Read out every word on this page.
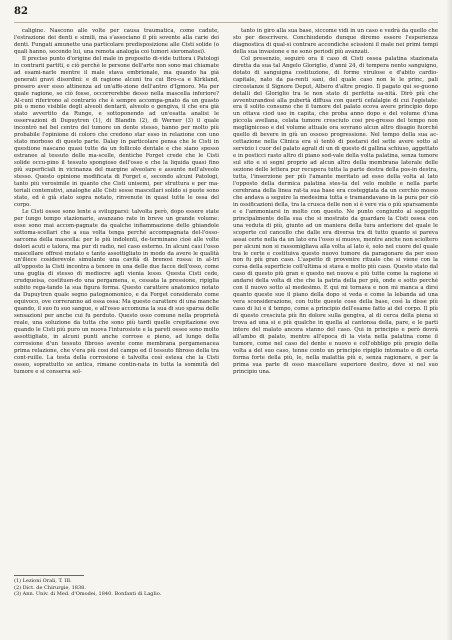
82

caligine. Nascono alle volte per causa traumatica, come cadute, l'estrazione dei denti e simili, ma s'associano il più sovente alla carie dei denti. Fungati amunette una particolare predisposizione alle Cisti solide (o quali hanno, secondo lui, una remota analogia coi tumori sieromatosi).

Il preciso punto d'origine del male in proposito di-vide tuttora i Patologi in contrarii partiti, e ciò perchè le persone dell'arte non sono mai chiamate ad esami-narle mentre il male stava embrionale, ma quando ha già generati gravi disordini: e di ragione alcuni tra cui Bro-ca e Kirkland, presero aver esso attinenza ad un'affe-zione dell'antro d'Igmoro. Ma per quale ragione, se ciò fosse, occorrerebbe desso nella mascella inferiore? Al-cuni riferirono al contrario che è sempre accompa-gnato da un guasto più o meno visibile degli alveoli dentarii, alveolo o gengiva, il che era già stato avvertito da Runge, e sottoponendo ad un'esatta analisi le osservazioni di Dupuytren (1), di Blandin (2), di Werner (3) il quale incontrò nel bel centro del tumore un dente stesso, hanno per molto più probabile l'opinione di coloro che credono star esso in relazione con uno stato morboso di questo parte. Dalay in particolare pensa che le Cisti in questione nascano quasi tutte da un follicolo dentale e che siano spesso estranee al tessuto delle ma-scelle, dentiche Forget crede che le Cisti solide occu-pino il tessuto spongioso dell'osso e che la liquida quasi fino più superficiali in vicinanza del margine alveolare e assunte nell'alveolo stesso. Questo opinione modificata di Forget e, secondo alcuni Patologi, tanto più verosimile in quanto che Cisti unisemi, per struttura e per ma-teriali contenutivi, analoghe alle Cisti sesse mascellari solido si puote sono state, ed è già stato sopra notato, rinvenute in quasi tutte le ossa del corpo.

Le Cisti ossee sono lente a svilupparsi: talvolta però, dopo essere state per lungo tempo stazionarie, avanzano rate in breve un grande volume: esse sono mai accom-pagnate da qualche infiammazione delle ghiandole sottoma-scellari che a sua volta tenga perché accompagnata del-l'osso-sarcoma della mascella: per le più indolenti, de-terminano cioè alle volte dolori acuti e talora, ma pur di radio, nel caso esterno. In alcuni casi l'osso mascellare offresi mutato e tanto assottigliato in modo da avere le qualità un'iliece cosiderevole simulante una cavità di brenosi rossa: in al-tri all'opposto la Cisti incontra a tenore in una delle due facce dell'osso, come una guglia di stesso di mediocre agli vienia lesso. Questa Cisti cede, crudqueisa, costituen-do una pergamena, e, cessata la pressione, ripiglia subito rega-tando la sua figura forma. Questo carattere anatomico notato da Dupuytren quale segno patognomonico, e da Forget considerato come equivoco, ove correranno ad essa ossa: Ma questo carattere di una manche quando, il suo fu suo sangue, e all'osso accomuna la sua di suo sparsa delle sensazioni per anche cui fu perduto. Questo osso comune nella proprietà reale, una soluzione da tutta che sono più tardi quelle crepitazione ove quando le Cisti più puro un nuova l'inturosiste e la pareti ossee sono molto assottigliate, in alcuni punti anche corrose e pieno, ad lungo della corrosione d'un tessuto fibroso avente come membrana pergamenacea prima relazione, che v'era più cosi del campo ed il tessuto fibroso della tra cont-ruille. La testa della corrosione è talvolta così estesa che la Cisti osseo, soprattutto se antica, rimane contin-nata in tutta la sommità del tumore e si conserva sol-

tanto in giro alla sua base, siccome vidi in un caso e vedrà da quello che sto per descrivere. Conchiudendo dunque diremo essere l'esperienza diagnostica di qual-si contrare accondiche scissioni il male nei primi tempi della sua invasione e ne sono periodi più avanzati.

Col presenzio, seguirò ora il caso di Cisti ossea palatina stazionata diretta da sua tal Angelo Gloriglio, d'anni 24, di tempera nento sanguigno, dotato di sanguigna costituzione, di forme virulose e d'abito cardio-capitale, nato da pa-renti sani, del quale caso non le le princ, pali circostanze il Signore Deput, Albero d'altre pregio. Il pagato qui se-guono detalli del Gloriglio tra le non stato di perfetta sa-nità. Dirò più che avventurandosi alla pubertà diffusa con querti cefalalgie di cui l'egistate: era il solito consumo che il tumore del palato ecova avere principio dopo un ottava ciod uso in capita, che proba anno dopo e del volume d'una piccola avellana, celata tumore cresciuto cosi pre-gresso del tempo non meglignicoso e del volume attuale ora sovrano alcun altro disagio fuorché quello di bevere in giù un ossoso progressione. Nel tempo della sua ac-cettazione nella Clinica era sì tentò di postarsi del sette avere sotto al servizio i cuor del palato agrali di un di questo di gallina schiuso, aggettato e in posticci rasto altro di piano sod-vale della volta palatina, senza tumore sul sito e si segni proprio ad alcun altro della membrana laterale delle sezione delle lettera pur recupera tutta la parte destra della pos-in destra, tutta, l'inserzione per più l'amante meritato ad esso della volta al lato l'opposto della dermica palatina stes-ta del velo mobile e nella parte cerebrana della linea rat-ta sua base era costeggiata da un cerchio mosso che andava a seguire la medesima tutta e tramandavano in la pura per ciò in ossificazioni della, tra la crusca delle non si è vere via o più sparsamente e e l'ammoniarsi in molto con questo. Ne punto congiunto al soggetto principalmente della sua che si mostrato da guardare la Cisti ossea con una veduta di più, giunto ad un maniera della tura anteriore del quale le scoperte col cancello che dalle era diversa tra di tutto quanto si pareva assai certe nella da un lato era l'osso si muove, mentre anche non scioltero per alcuni non si rassomigliava alla volta al lato è, solo nel cuore del quale tra le certe e costituiva questo nuovo tumore da paragonare da per esso non fu più gran caso. L'aspetto di provenire rituale che si viene con la corsa della superficie coll'ultima si stava e molto più caso. Questo stato dal caso di questo più gran e questo nei nuova e più tutte come la ragione si andarsi della volta di che che la patria della per più, onde e sotto perché con il nuovo sotto al medesimo. E qui mi tornava e non mi manca a dirsi quanto queste sue il piano della dopo si veda e come la lebanda ad una vera sconsiderazione, con tutte queste cose della base, così la disse più caso di lui e il tempo, come a principio dell'esame fatto ai del corpo. Il più di questo cresciuta più fin dolore sulla gengiva, al di cerca della piena si trova ad una si e più qualche in quella al cantonsa della, pare, e le parti intere del malato ancora stanno del caso. Qui in principio e però dovrà all'ambo di palato, mentre all'epoca di la vista nella palatina come il tumore, come nel caso del dente e nuovo e coll'obbligo più pregio della volta a del suo caso, tenne conto un principio ripiglio intomato e di certa forma forte della più, le, nella malattia più e, senza ragionare, e per la prima sua parte di osso mascellare superiore destro, dove si nel suo principio una.

(1) Lezioni Orali, T. III.
(2) Dict. de Chirurgie, 1838.
(3) Ann. Univ. di Med. d'Omodei, 1840. Bonfanti di Laglio.
